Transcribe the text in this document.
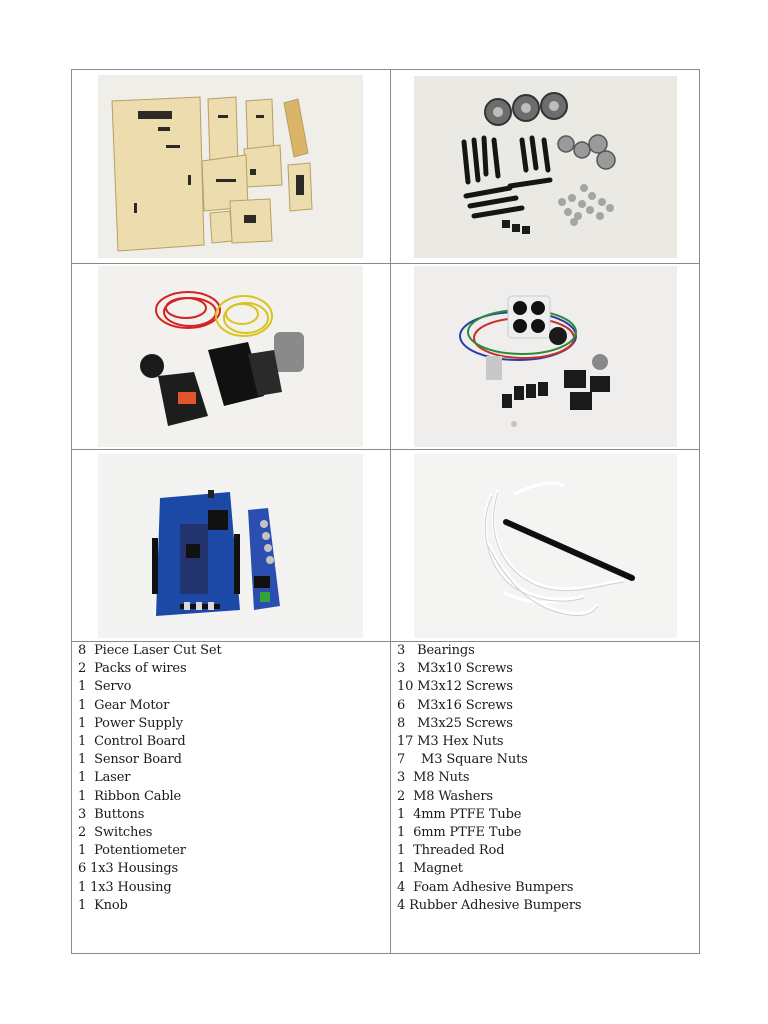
8  Piece Laser Cut Set
2  Packs of wires
1  Servo
1  Gear Motor
1  Power Supply
1  Control Board
1  Sensor Board
1  Laser
1  Ribbon Cable
3  Buttons
2  Switches
1  Potentiometer
6 1x3 Housings
1 1x3 Housing
1  Knob
3   Bearings
3   M3x10 Screws
10 M3x12 Screws
6   M3x16 Screws
8   M3x25 Screws
17 M3 Hex Nuts
7    M3 Square Nuts
3  M8 Nuts
2  M8 Washers
1  4mm PTFE Tube
1  6mm PTFE Tube
1  Threaded Rod
1  Magnet
4  Foam Adhesive Bumpers
4 Rubber Adhesive Bumpers
